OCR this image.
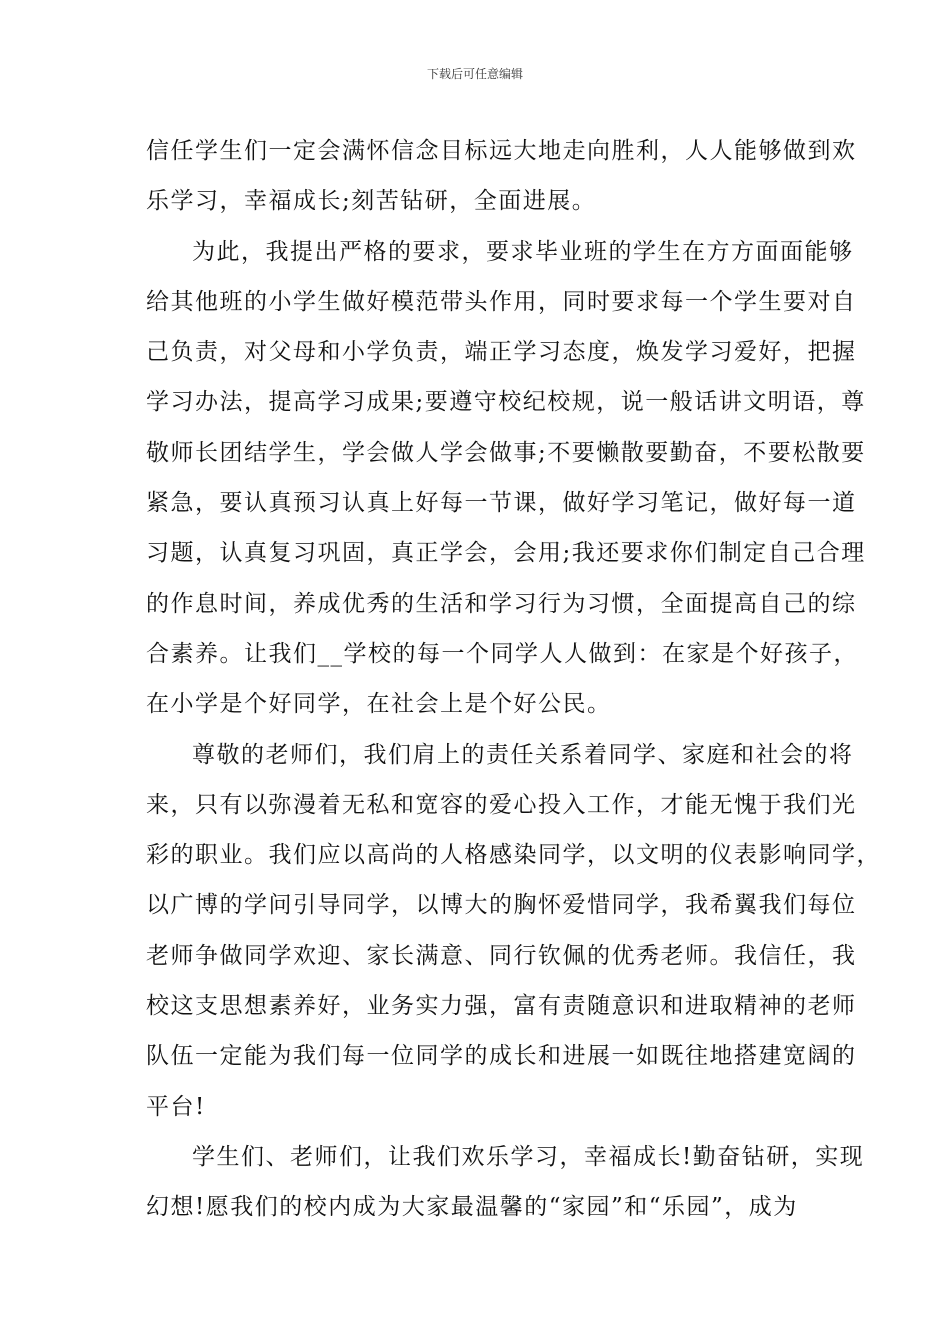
下载后可任意编辑
信任学生们一定会满怀信念目标远大地走向胜利，人人能够做到欢
乐学习，幸福成长;刻苦钻研，全面进展。
为此，我提出严格的要求，要求毕业班的学生在方方面面能够
给其他班的小学生做好模范带头作用，同时要求每一个学生要对自
己负责，对父母和小学负责，端正学习态度，焕发学习爱好，把握
学习办法，提高学习成果;要遵守校纪校规，说一般话讲文明语，尊
敬师长团结学生，学会做人学会做事;不要懒散要勤奋，不要松散要
紧急，要认真预习认真上好每一节课，做好学习笔记，做好每一道
习题，认真复习巩固，真正学会，会用;我还要求你们制定自己合理
的作息时间，养成优秀的生活和学习行为习惯，全面提高自己的综
合素养。让我们__学校的每一个同学人人做到：在家是个好孩子，
在小学是个好同学，在社会上是个好公民。
尊敬的老师们，我们肩上的责任关系着同学、家庭和社会的将
来，只有以弥漫着无私和宽容的爱心投入工作，才能无愧于我们光
彩的职业。我们应以高尚的人格感染同学，以文明的仪表影响同学，
以广博的学问引导同学，以博大的胸怀爱惜同学，我希翼我们每位
老师争做同学欢迎、家长满意、同行钦佩的优秀老师。我信任，我
校这支思想素养好，业务实力强，富有责随意识和进取精神的老师
队伍一定能为我们每一位同学的成长和进展一如既往地搭建宽阔的
平台!
学生们、老师们，让我们欢乐学习，幸福成长!勤奋钻研，实现
幻想!愿我们的校内成为大家最温馨的“家园”和“乐园”，成为
